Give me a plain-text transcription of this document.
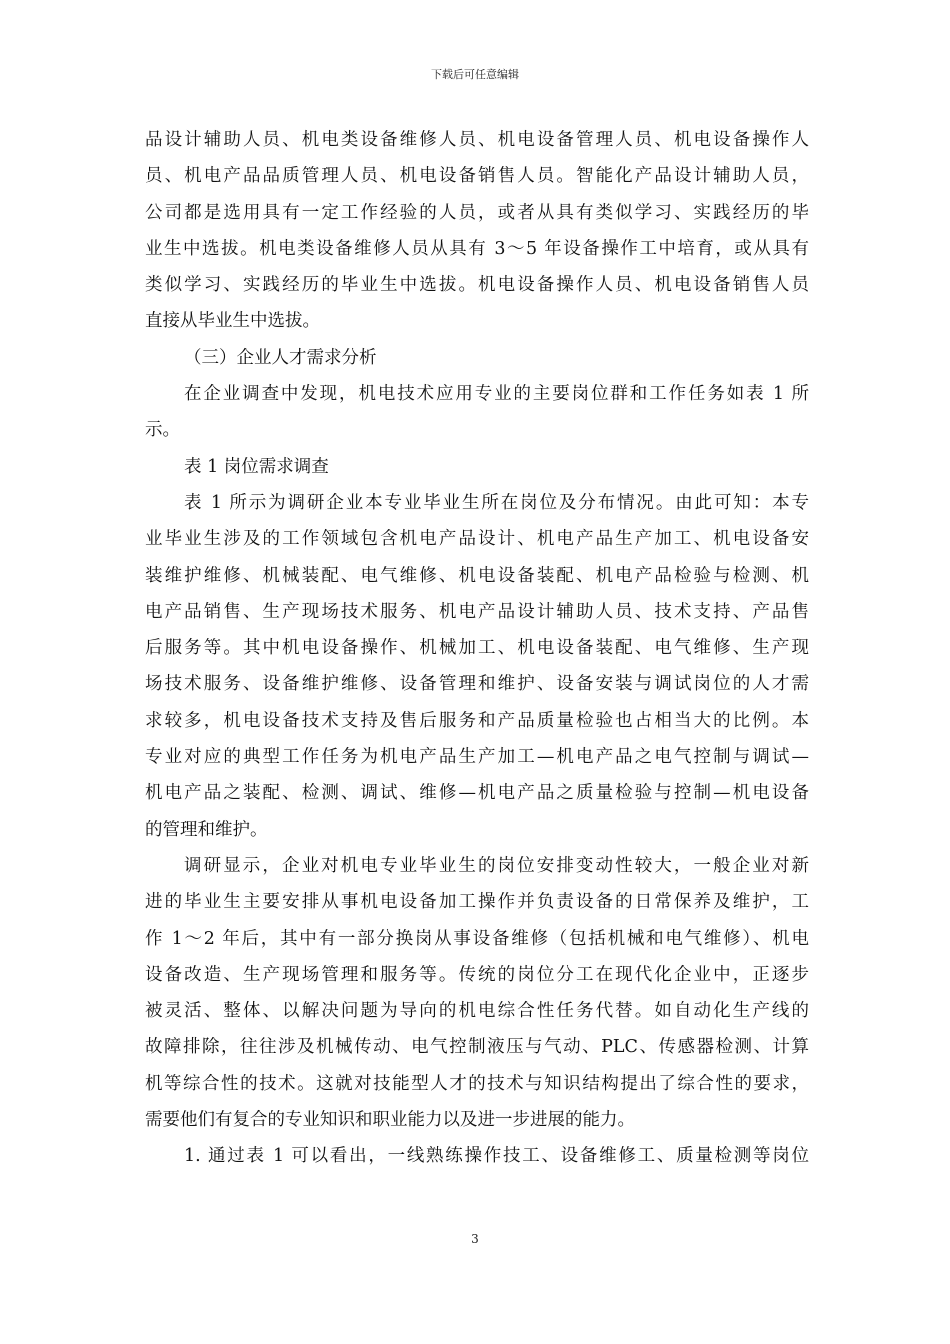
下载后可任意编辑
品设计辅助人员、机电类设备维修人员、机电设备管理人员、机电设备操作人
员、机电产品品质管理人员、机电设备销售人员。智能化产品设计辅助人员，
公司都是选用具有一定工作经验的人员，或者从具有类似学习、实践经历的毕
业生中选拔。机电类设备维修人员从具有 3～5 年设备操作工中培育，或从具有
类似学习、实践经历的毕业生中选拔。机电设备操作人员、机电设备销售人员
直接从毕业生中选拔。
（三）企业人才需求分析
在企业调查中发现，机电技术应用专业的主要岗位群和工作任务如表 1 所
示。
表 1 岗位需求调查
表 1 所示为调研企业本专业毕业生所在岗位及分布情况。由此可知：本专
业毕业生涉及的工作领域包含机电产品设计、机电产品生产加工、机电设备安
装维护维修、机械装配、电气维修、机电设备装配、机电产品检验与检测、机
电产品销售、生产现场技术服务、机电产品设计辅助人员、技术支持、产品售
后服务等。其中机电设备操作、机械加工、机电设备装配、电气维修、生产现
场技术服务、设备维护维修、设备管理和维护、设备安装与调试岗位的人才需
求较多，机电设备技术支持及售后服务和产品质量检验也占相当大的比例。本
专业对应的典型工作任务为机电产品生产加工—机电产品之电气控制与调试—
机电产品之装配、检测、调试、维修—机电产品之质量检验与控制—机电设备
的管理和维护。
调研显示，企业对机电专业毕业生的岗位安排变动性较大，一般企业对新
进的毕业生主要安排从事机电设备加工操作并负责设备的日常保养及维护，工
作 1～2 年后，其中有一部分换岗从事设备维修（包括机械和电气维修）、机电
设备改造、生产现场管理和服务等。传统的岗位分工在现代化企业中，正逐步
被灵活、整体、以解决问题为导向的机电综合性任务代替。如自动化生产线的
故障排除，往往涉及机械传动、电气控制液压与气动、PLC、传感器检测、计算
机等综合性的技术。这就对技能型人才的技术与知识结构提出了综合性的要求，
需要他们有复合的专业知识和职业能力以及进一步进展的能力。
1. 通过表 1 可以看出，一线熟练操作技工、设备维修工、质量检测等岗位
3
